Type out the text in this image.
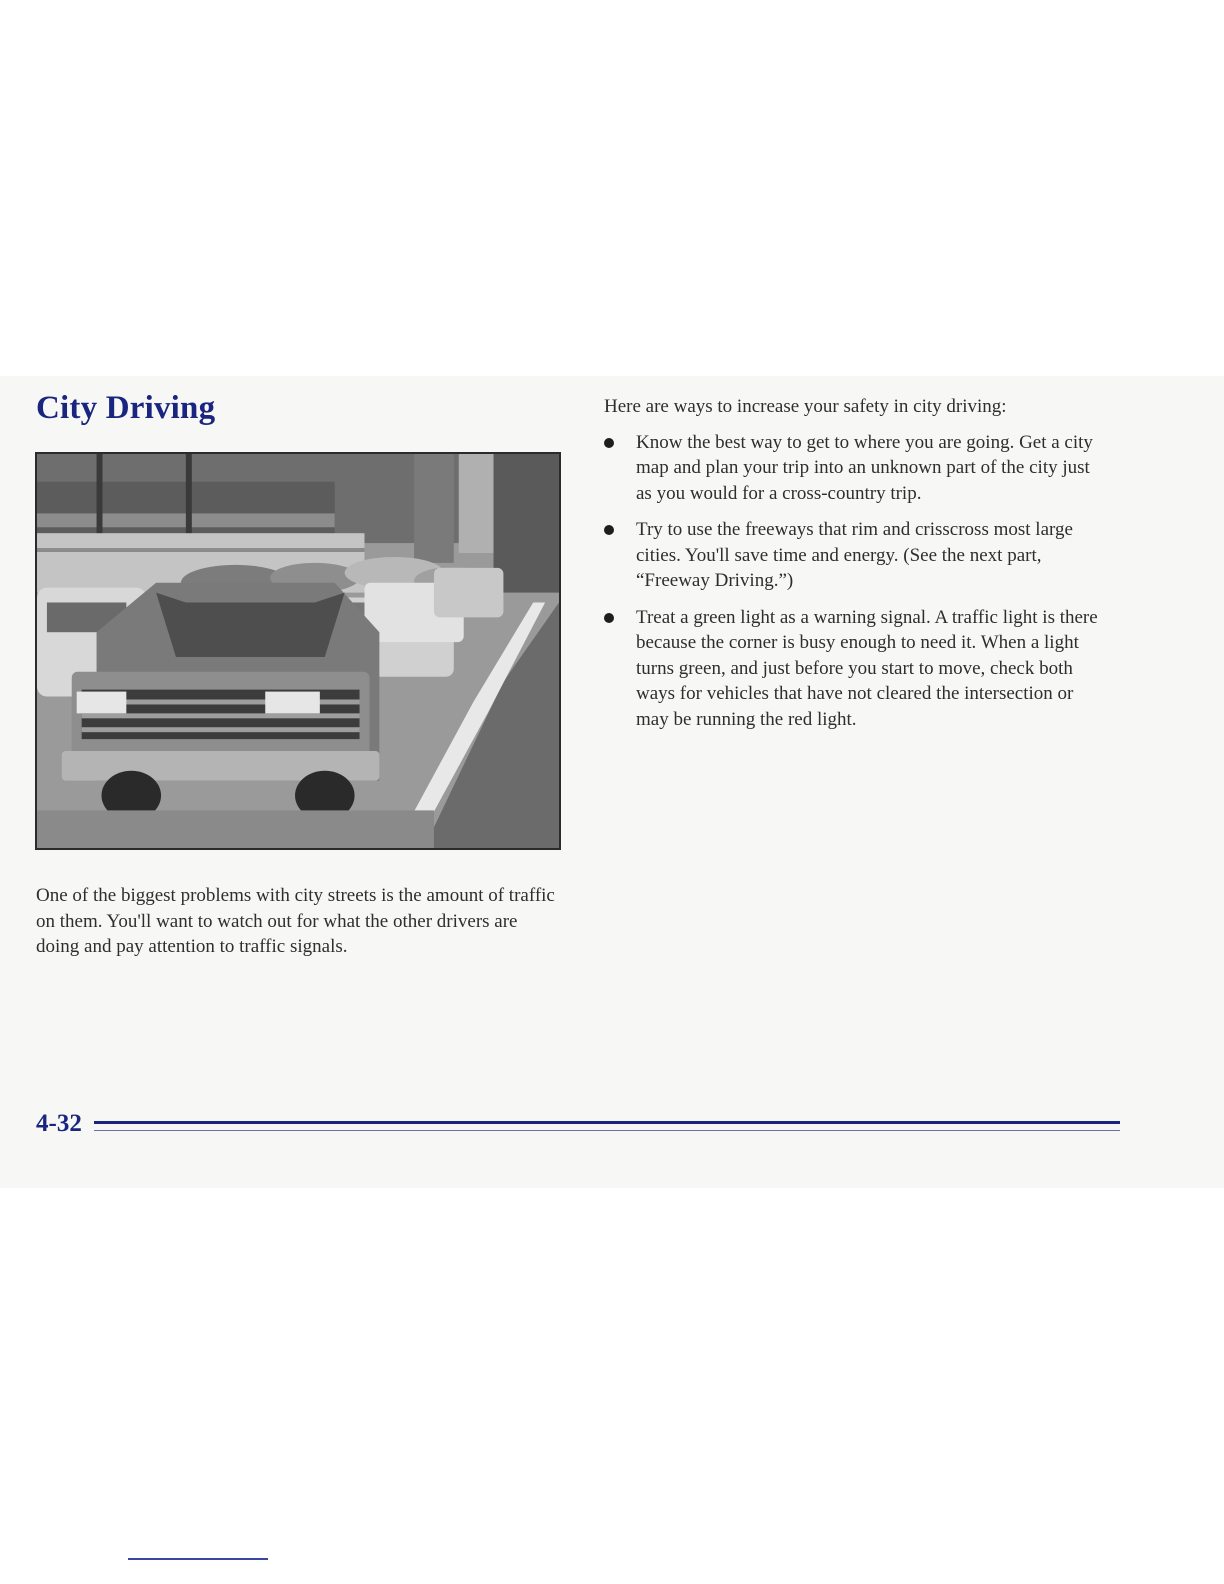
City Driving

One of the biggest problems with city streets is the amount of traffic on them. You'll want to watch out for what the other drivers are doing and pay attention to traffic signals.

Here are ways to increase your safety in city driving:

Know the best way to get to where you are going. Get a city map and plan your trip into an unknown part of the city just as you would for a cross-country trip.
Try to use the freeways that rim and crisscross most large cities. You'll save time and energy. (See the next part, “Freeway Driving.”)
Treat a green light as a warning signal. A traffic light is there because the corner is busy enough to need it. When a light turns green, and just before you start to move, check both ways for vehicles that have not cleared the intersection or may be running the red light.
4-32
